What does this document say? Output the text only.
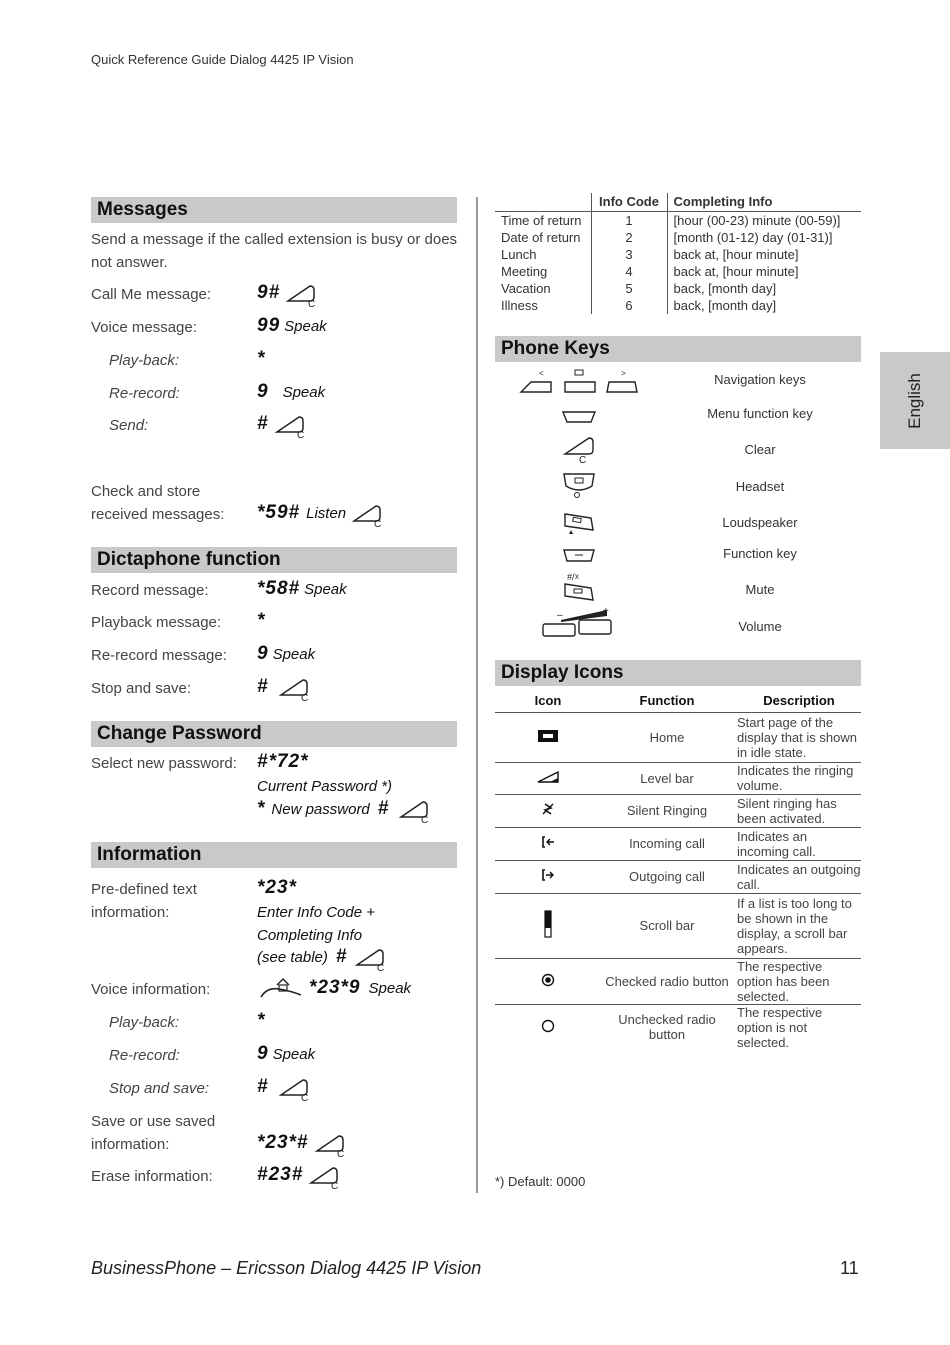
Quick Reference Guide Dialog 4425 IP Vision
English
Messages
Send a message if the called extension is busy or does not answer.
Call Me message: 9#
C
Voice message:	99 Speak
Play-back:	*
Re-record:	9 Speak
Send:	#
C
Check and store
received messages: *59# Listen
C
Dictaphone function
Record message:	*58# Speak
Playback message: *
Re-record message: 9 Speak
Stop and save:	#
C
Change Password
Select new password: #*72*
Current Password *)
* New password #
C
Information
Pre-defined text
information:
*23*
Enter Info Code +
Completing Info
(see table) #
C
Voice information:	*23*9 Speak
Play-back:	*
Re-record:	9 Speak
Stop and save:	#
C
Save or use saved
information:	*23*#
C
Erase information: #23#
C
	Info Code	Completing Info
Time of return	1	[hour (00-23) minute (00-59)]
Date of return	2	[month (01-12) day (01-31)]
Lunch	3	back at, [hour minute]
Meeting	4	back at, [hour minute]
Vacation	5	back, [month day]
Illness	6	back, [month day]
Phone Keys
<	>	Navigation keys
Menu function key
C
Clear
Headset
Loudspeaker
Function key
#/☓
Mute
–	+
Volume
Display Icons
Icon	Function	Description
	Home	Start page of the display that is shown in idle state.
	Level bar	Indicates the ringing volume.
	Silent Ringing	Silent ringing has been activated.
	Incoming call	Indicates an incoming call.
	Outgoing call	Indicates an outgoing call.
	Scroll bar	If a list is too long to be shown in the display, a scroll bar appears.
	Checked radio button	The respective option has been selected.
	Unchecked radio button	The respective option is not selected.
*) Default: 0000
BusinessPhone – Ericsson Dialog 4425 IP Vision	11
